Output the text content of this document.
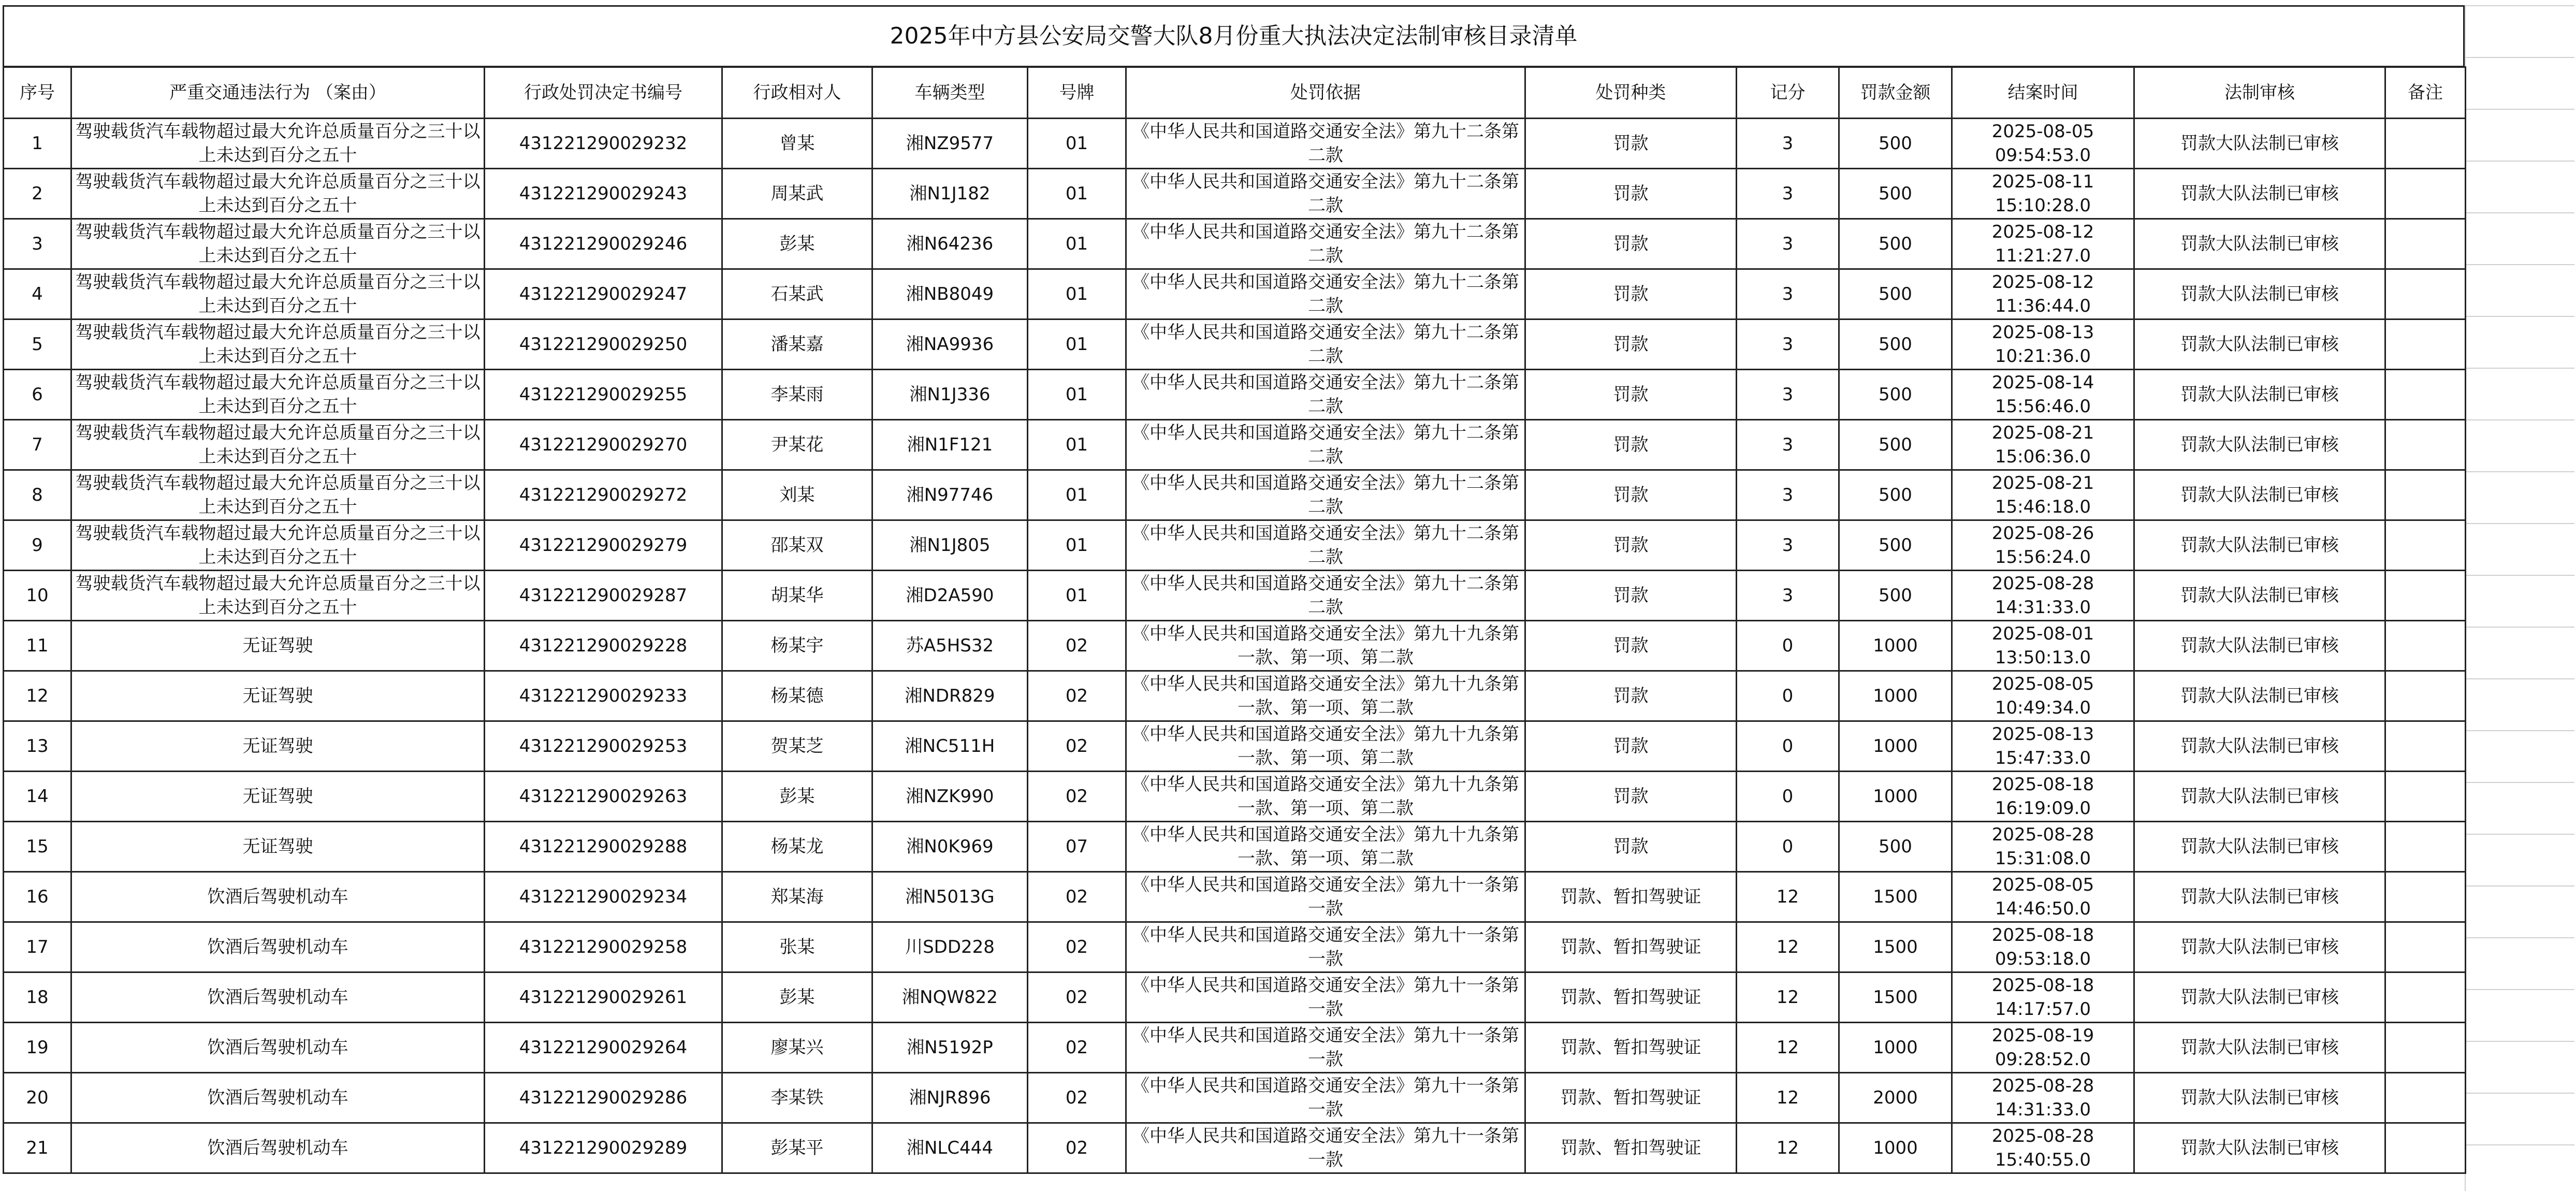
2025年中方县公安局交警大队8月份重大执法决定法制审核目录清单
序号	严重交通违法行为 （案由）	行政处罚决定书编号	行政相对人	车辆类型	号牌	处罚依据	处罚种类	记分	罚款金额	结案时间	法制审核	备注
1	驾驶载货汽车载物超过最大允许总质量百分之三十以上未达到百分之五十	431221290029232	曾某	湘NZ9577	01	《中华人民共和国道路交通安全法》第九十二条第二款	罚款	3	500	2025-08-05 09:54:53.0	罚款大队法制已审核	
2	驾驶载货汽车载物超过最大允许总质量百分之三十以上未达到百分之五十	431221290029243	周某武	湘N1J182	01	《中华人民共和国道路交通安全法》第九十二条第二款	罚款	3	500	2025-08-11 15:10:28.0	罚款大队法制已审核	
3	驾驶载货汽车载物超过最大允许总质量百分之三十以上未达到百分之五十	431221290029246	彭某	湘N64236	01	《中华人民共和国道路交通安全法》第九十二条第二款	罚款	3	500	2025-08-12 11:21:27.0	罚款大队法制已审核	
4	驾驶载货汽车载物超过最大允许总质量百分之三十以上未达到百分之五十	431221290029247	石某武	湘NB8049	01	《中华人民共和国道路交通安全法》第九十二条第二款	罚款	3	500	2025-08-12 11:36:44.0	罚款大队法制已审核	
5	驾驶载货汽车载物超过最大允许总质量百分之三十以上未达到百分之五十	431221290029250	潘某嘉	湘NA9936	01	《中华人民共和国道路交通安全法》第九十二条第二款	罚款	3	500	2025-08-13 10:21:36.0	罚款大队法制已审核	
6	驾驶载货汽车载物超过最大允许总质量百分之三十以上未达到百分之五十	431221290029255	李某雨	湘N1J336	01	《中华人民共和国道路交通安全法》第九十二条第二款	罚款	3	500	2025-08-14 15:56:46.0	罚款大队法制已审核	
7	驾驶载货汽车载物超过最大允许总质量百分之三十以上未达到百分之五十	431221290029270	尹某花	湘N1F121	01	《中华人民共和国道路交通安全法》第九十二条第二款	罚款	3	500	2025-08-21 15:06:36.0	罚款大队法制已审核	
8	驾驶载货汽车载物超过最大允许总质量百分之三十以上未达到百分之五十	431221290029272	刘某	湘N97746	01	《中华人民共和国道路交通安全法》第九十二条第二款	罚款	3	500	2025-08-21 15:46:18.0	罚款大队法制已审核	
9	驾驶载货汽车载物超过最大允许总质量百分之三十以上未达到百分之五十	431221290029279	邵某双	湘N1J805	01	《中华人民共和国道路交通安全法》第九十二条第二款	罚款	3	500	2025-08-26 15:56:24.0	罚款大队法制已审核	
10	驾驶载货汽车载物超过最大允许总质量百分之三十以上未达到百分之五十	431221290029287	胡某华	湘D2A590	01	《中华人民共和国道路交通安全法》第九十二条第二款	罚款	3	500	2025-08-28 14:31:33.0	罚款大队法制已审核	
11	无证驾驶	431221290029228	杨某宇	苏A5HS32	02	《中华人民共和国道路交通安全法》第九十九条第一款、第一项、第二款	罚款	0	1000	2025-08-01 13:50:13.0	罚款大队法制已审核	
12	无证驾驶	431221290029233	杨某德	湘NDR829	02	《中华人民共和国道路交通安全法》第九十九条第一款、第一项、第二款	罚款	0	1000	2025-08-05 10:49:34.0	罚款大队法制已审核	
13	无证驾驶	431221290029253	贺某芝	湘NC511H	02	《中华人民共和国道路交通安全法》第九十九条第一款、第一项、第二款	罚款	0	1000	2025-08-13 15:47:33.0	罚款大队法制已审核	
14	无证驾驶	431221290029263	彭某	湘NZK990	02	《中华人民共和国道路交通安全法》第九十九条第一款、第一项、第二款	罚款	0	1000	2025-08-18 16:19:09.0	罚款大队法制已审核	
15	无证驾驶	431221290029288	杨某龙	湘N0K969	07	《中华人民共和国道路交通安全法》第九十九条第一款、第一项、第二款	罚款	0	500	2025-08-28 15:31:08.0	罚款大队法制已审核	
16	饮酒后驾驶机动车	431221290029234	郑某海	湘N5013G	02	《中华人民共和国道路交通安全法》第九十一条第一款	罚款、暂扣驾驶证	12	1500	2025-08-05 14:46:50.0	罚款大队法制已审核	
17	饮酒后驾驶机动车	431221290029258	张某	川SDD228	02	《中华人民共和国道路交通安全法》第九十一条第一款	罚款、暂扣驾驶证	12	1500	2025-08-18 09:53:18.0	罚款大队法制已审核	
18	饮酒后驾驶机动车	431221290029261	彭某	湘NQW822	02	《中华人民共和国道路交通安全法》第九十一条第一款	罚款、暂扣驾驶证	12	1500	2025-08-18 14:17:57.0	罚款大队法制已审核	
19	饮酒后驾驶机动车	431221290029264	廖某兴	湘N5192P	02	《中华人民共和国道路交通安全法》第九十一条第一款	罚款、暂扣驾驶证	12	1000	2025-08-19 09:28:52.0	罚款大队法制已审核	
20	饮酒后驾驶机动车	431221290029286	李某铁	湘NJR896	02	《中华人民共和国道路交通安全法》第九十一条第一款	罚款、暂扣驾驶证	12	2000	2025-08-28 14:31:33.0	罚款大队法制已审核	
21	饮酒后驾驶机动车	431221290029289	彭某平	湘NLC444	02	《中华人民共和国道路交通安全法》第九十一条第一款	罚款、暂扣驾驶证	12	1000	2025-08-28 15:40:55.0	罚款大队法制已审核	
